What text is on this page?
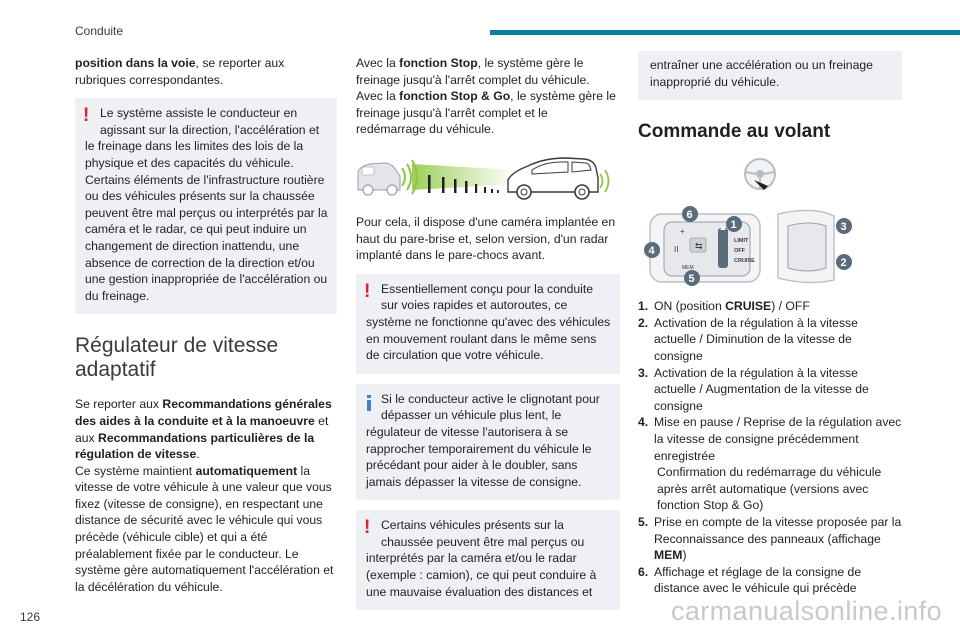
Conduite

position dans la voie, se reporter aux rubriques correspondantes.

! Le système assiste le conducteur en agissant sur la direction, l'accélération et
le freinage dans les limites des lois de la physique et des capacités du véhicule. Certains éléments de l'infrastructure routière ou des véhicules présents sur la chaussée peuvent être mal perçus ou interprétés par la caméra et le radar, ce qui peut induire un changement de direction inattendu, une absence de correction de la direction et/ou une gestion inappropriée de l'accélération ou du freinage.
Régulateur de vitesse adaptatif

Se reporter aux Recommandations générales des aides à la conduite et à la manoeuvre et aux Recommandations particulières de la régulation de vitesse.

Ce système maintient automatiquement la vitesse de votre véhicule à une valeur que vous fixez (vitesse de consigne), en respectant une distance de sécurité avec le véhicule qui vous précède (véhicule cible) et qui a été préalablement fixée par le conducteur. Le système gère automatiquement l'accélération et la décélération du véhicule.

Avec la fonction Stop, le système gère le freinage jusqu'à l'arrêt complet du véhicule.

Avec la fonction Stop & Go, le système gère le freinage jusqu'à l'arrêt complet et le redémarrage du véhicule.

Pour cela, il dispose d'une caméra implantée en haut du pare-brise et, selon version, d'un radar implanté dans le pare-chocs avant.

! Essentiellement conçu pour la conduite sur voies rapides et autoroutes, ce
système ne fonctionne qu'avec des véhicules en mouvement roulant dans le même sens de circulation que votre véhicule.
Si le conducteur active le clignotant pour dépasser un véhicule plus lent, le
régulateur de vitesse l'autorisera à se rapprocher temporairement du véhicule le précédant pour aider à le doubler, sans jamais dépasser la vitesse de consigne.
! Certains véhicules présents sur la chaussée peuvent être mal perçus ou
interprétés par la caméra et/ou le radar (exemple : camion), ce qui peut conduire à une mauvaise évaluation des distances et
entraîner une accélération ou un freinage inapproprié du véhicule.
Commande au volant
⇆
II
+
MEM
LIMIT
OFF
CRUISE
1
2
3
4
5
6
1. ON (position CRUISE) / OFF
2. Activation de la régulation à la vitesse actuelle / Diminution de la vitesse de consigne
3. Activation de la régulation à la vitesse actuelle / Augmentation de la vitesse de consigne
4. Mise en pause / Reprise de la régulation avec la vitesse de consigne précédemment enregistrée
Confirmation du redémarrage du véhicule après arrêt automatique (versions avec fonction Stop & Go)
5. Prise en compte de la vitesse proposée par la Reconnaissance des panneaux (affichage MEM)
6. Affichage et réglage de la consigne de distance avec le véhicule qui précède
126	carmanualsonline.info
